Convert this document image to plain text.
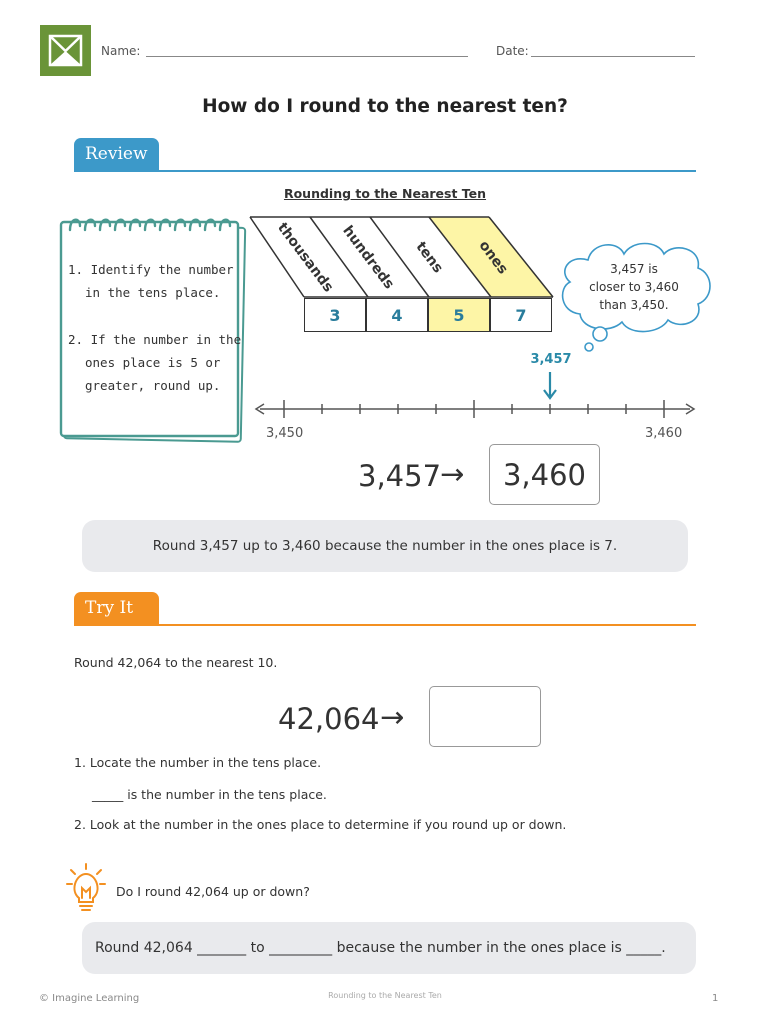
Name:	Date:
How do I round to the nearest ten?
Review
Rounding to the Nearest Ten
1. Identify the number
in the tens place.
2. If the number in the
ones place is 5 or
greater, round up.
thousands hundreds tens ones
3	4	5	7
3,457 is
closer to 3,460
than 3,450.
3,457
3,450	3,460
3,457
→ 3,460
Round 3,457 up to 3,460 because the number in the ones place is 7.
Try It
Round 42,064 to the nearest 10.
42,064 →
1. Locate the number in the tens place.
_____ is the number in the tens place.
2. Look at the number in the ones place to determine if you round up or down.
Do I round 42,064 up or down?
Round 42,064 _______ to _________ because the number in the ones place is _____.
© Imagine Learning	Rounding to the Nearest Ten	1
